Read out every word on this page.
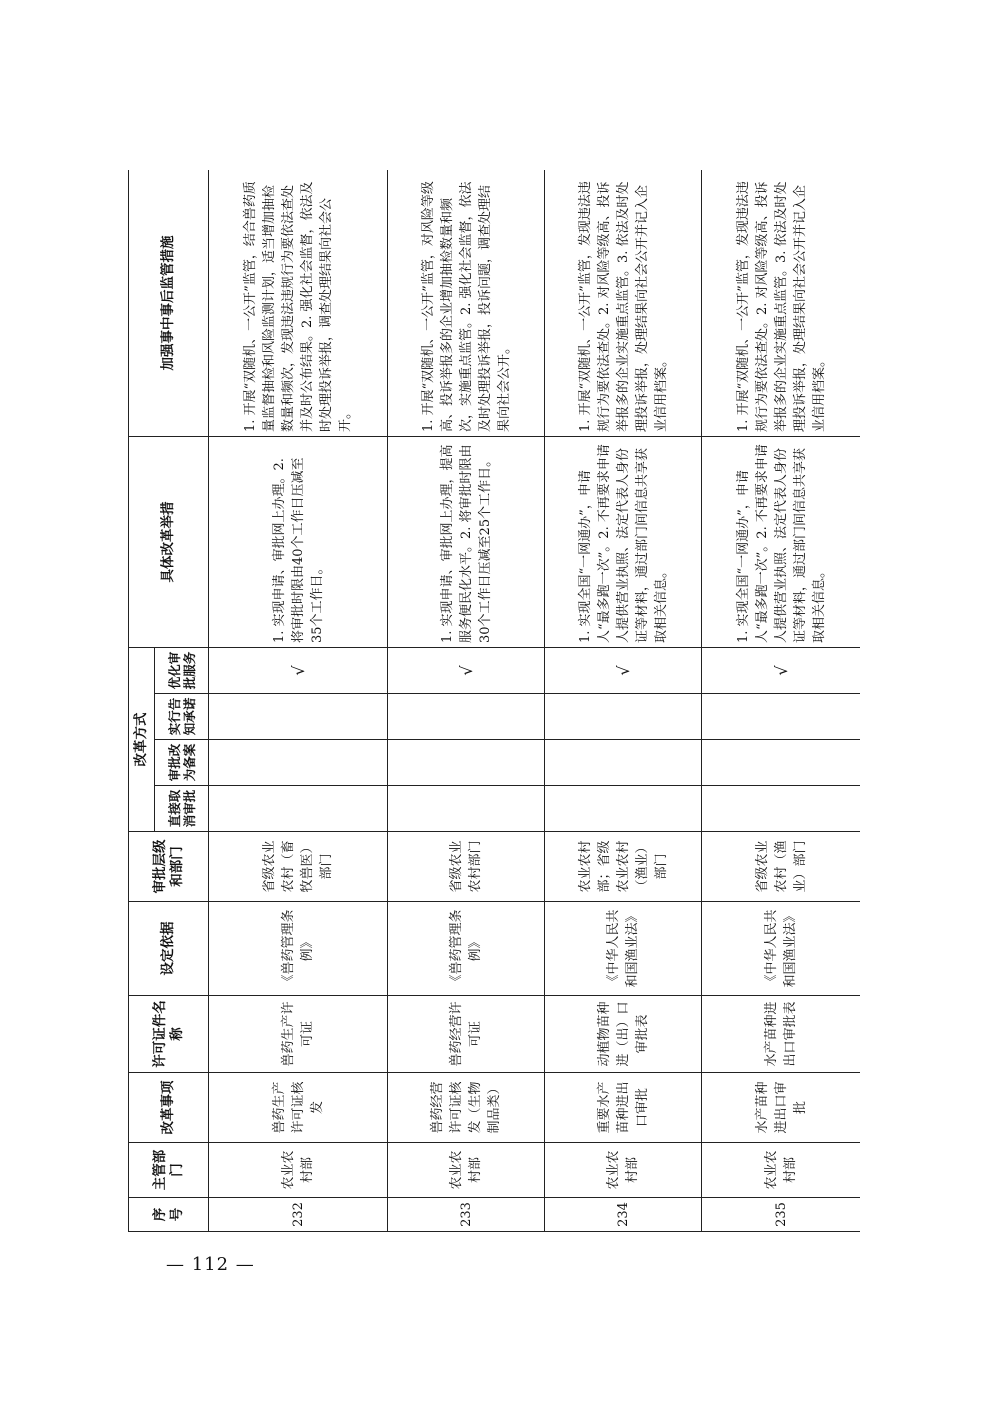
序号	主管部门	改革事项	许可证件名称	设定依据	审批层级和部门	改革方式				具体改革举措	加强事中事后监管措施
						直接取消审批	审批改为备案	实行告知承诺	优化审批服务		
232	农业农村部	兽药生产许可证核发	兽药生产许可证	《兽药管理条例》	省级农业农村（畜牧兽医）部门				√	1. 实现申请、审批网上办理。2. 将审批时限由40个工作日压减至35个工作日。	1. 开展“双随机、一公开”监管，结合兽药质量监督抽检和风险监测计划，适当增加抽检数量和频次，发现违法违规行为要依法查处并及时公布结果。2. 强化社会监督，依法及时处理投诉举报，调查处理结果向社会公开。
233	农业农村部	兽药经营许可证核发（生物制品类）	兽药经营许可证	《兽药管理条例》	省级农业农村部门				√	1. 实现申请、审批网上办理，提高服务便民化水平。2. 将审批时限由30个工作日压减至25个工作日。	1. 开展“双随机、一公开”监管，对风险等级高、投诉举报多的企业增加抽检数量和频次，实施重点监管。2. 强化社会监督，依法及时处理投诉举报，投诉问题，调查处理结果向社会公开。
234	农业农村部	重要水产苗种进出口审批	动植物苗种进（出）口审批表	《中华人民共和国渔业法》	农业农村部；省级农业农村（渔业）部门				√	1. 实现全国“一网通办”，申请人“最多跑一次”。2. 不再要求申请人提供营业执照、法定代表人身份证等材料，通过部门间信息共享获取相关信息。	1. 开展“双随机、一公开”监管，发现违法违规行为要依法查处。2. 对风险等级高、投诉举报多的企业实施重点监管。3. 依法及时处理投诉举报，处理结果向社会公开并记入企业信用档案。
235	农业农村部	水产苗种进出口审批	水产苗种进出口审批表	《中华人民共和国渔业法》	省级农业农村（渔业）部门				√	1. 实现全国“一网通办”，申请人“最多跑一次”。2. 不再要求申请人提供营业执照、法定代表人身份证等材料，通过部门间信息共享获取相关信息。	1. 开展“双随机、一公开”监管，发现违法违规行为要依法查处。2. 对风险等级高、投诉举报多的企业实施重点监管。3. 依法及时处理投诉举报，处理结果向社会公开并记入企业信用档案。
— 112 —
